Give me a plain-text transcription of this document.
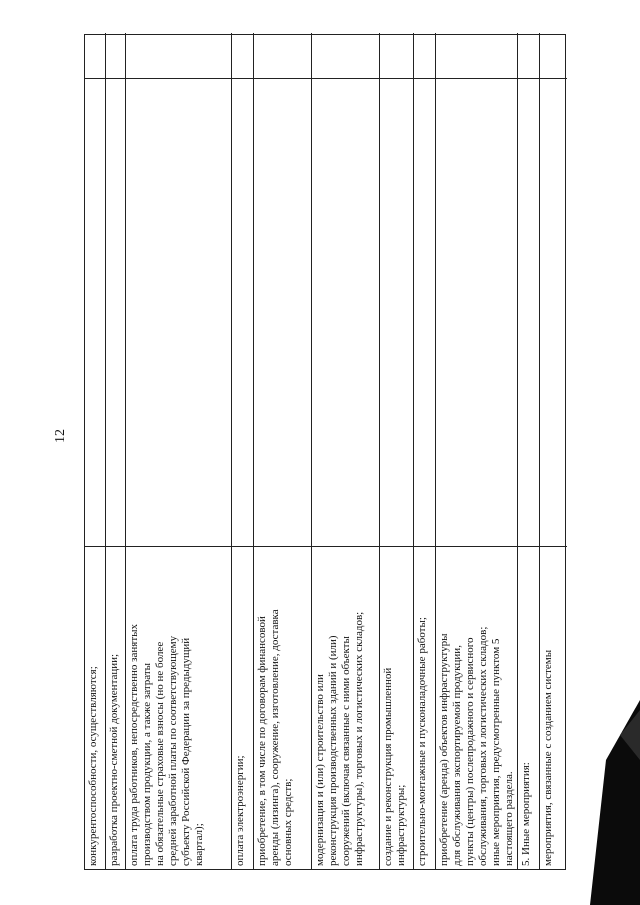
12
конкурентоспособности, осуществляются; разработка проектно-сметной документации; оплата труда работников, непосредственно занятых
производством продукции, а также затраты
на обязательные страховые взносы (но не более
средней заработной платы по соответствующему
субъекту Российской Федерации за предыдущий
квартал);	оплата электроэнергии; приобретение, в том числе по договорам финансовой
аренды (лизинга), сооружение, изготовление, доставка
основных средств;
модернизация и (или) строительство или
реконструкция производственных зданий и (или)
сооружений (включая связанные с ними объекты
инфраструктуры), торговых и логистических складов;
создание и реконструкция промышленной
инфраструктуры; строительно-монтажные и пусконаладочные работы; приобретение (аренда) объектов инфраструктуры
для обслуживания экспортируемой продукции,
пункты (центры) послепродажного и сервисного
обслуживания, торговых и логистических складов;
иные мероприятия, предусмотренные пунктом 5
настоящего раздела. 5. Иные мероприятия: мероприятия, связанные с созданием системы
